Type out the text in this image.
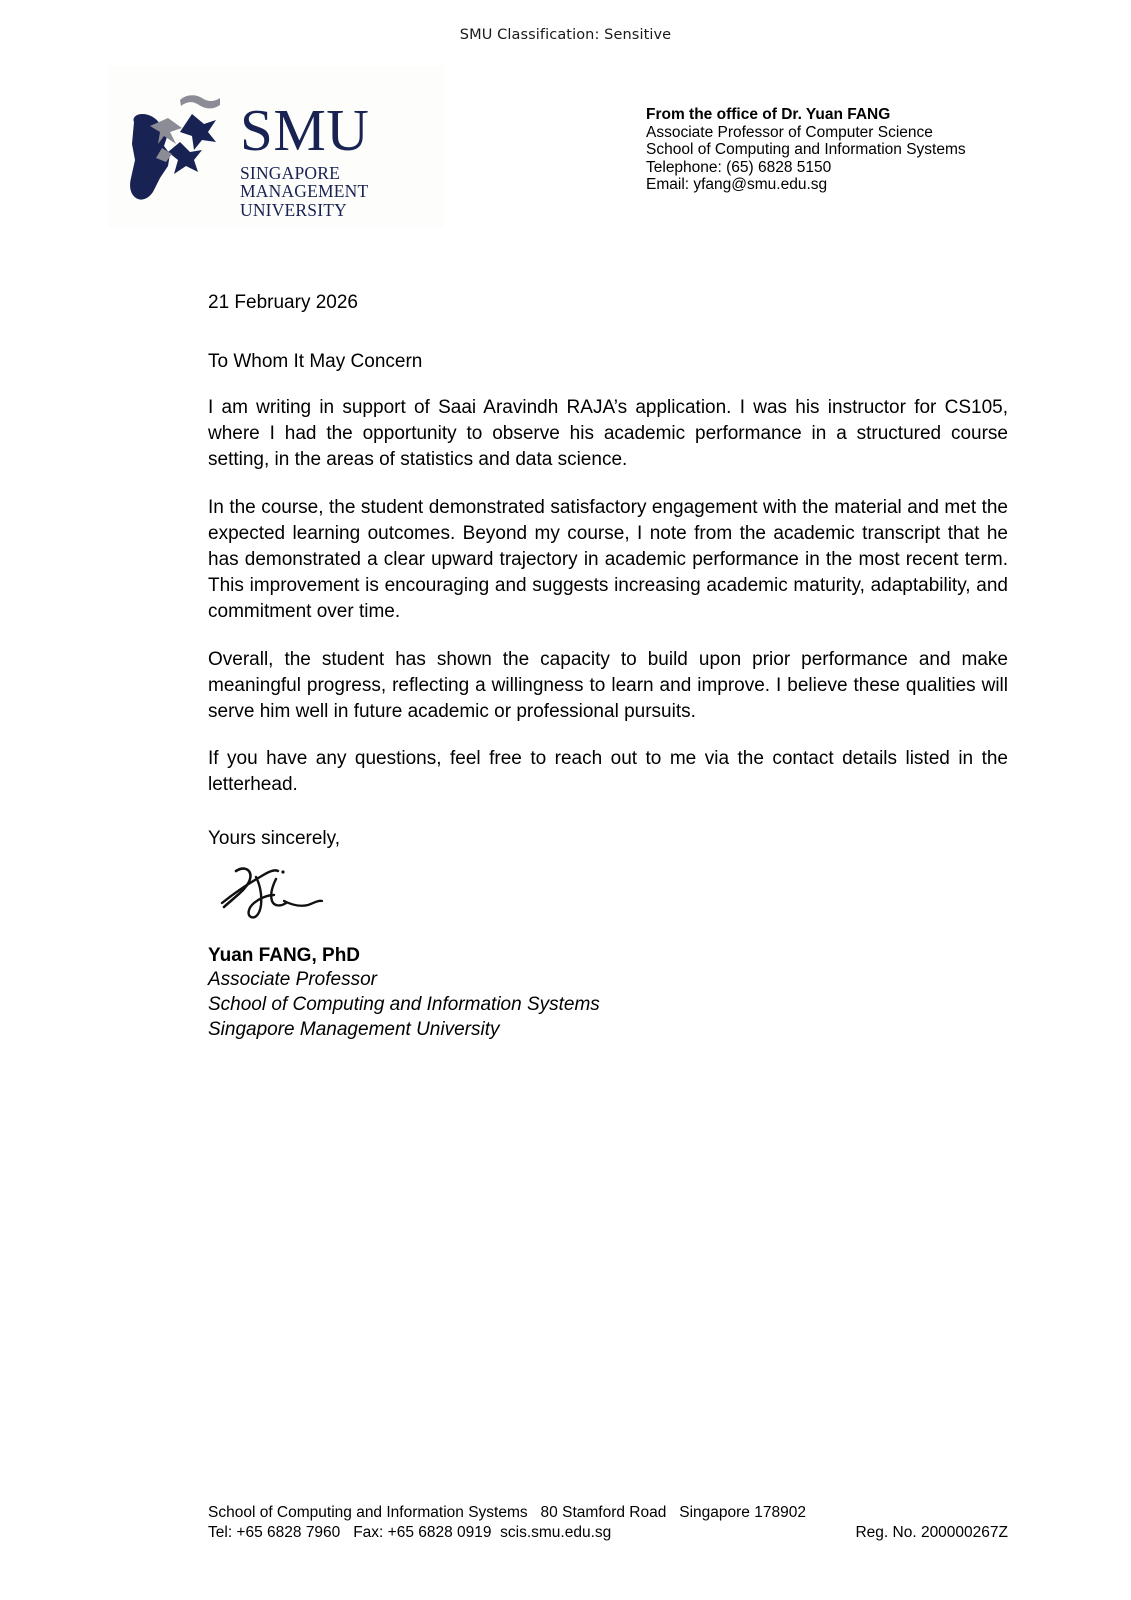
SMU Classification: Sensitive
SMU
SINGAPORE MANAGEMENT
UNIVERSITY
From the office of Dr. Yuan FANG
Associate Professor of Computer Science
School of Computing and Information Systems
Telephone: (65) 6828 5150
Email: yfang@smu.edu.sg
21 February 2026
To Whom It May Concern

I am writing in support of Saai Aravindh RAJA’s application. I was his instructor for CS105, where I had the opportunity to observe his academic performance in a structured course setting, in the areas of statistics and data science.

In the course, the student demonstrated satisfactory engagement with the material and met the expected learning outcomes. Beyond my course, I note from the academic transcript that he has demonstrated a clear upward trajectory in academic performance in the most recent term. This improvement is encouraging and suggests increasing academic maturity, adaptability, and commitment over time.

Overall, the student has shown the capacity to build upon prior performance and make meaningful progress, reflecting a willingness to learn and improve. I believe these qualities will serve him well in future academic or professional pursuits.

If you have any questions, feel free to reach out to me via the contact details listed in the letterhead.

Yours sincerely,
Yuan FANG, PhD
Associate Professor
School of Computing and Information Systems
Singapore Management University
School of Computing and Information Systems   80 Stamford Road   Singapore 178902
Tel: +65 6828 7960   Fax: +65 6828 0919  scis.smu.edu.sg	Reg. No. 200000267Z
